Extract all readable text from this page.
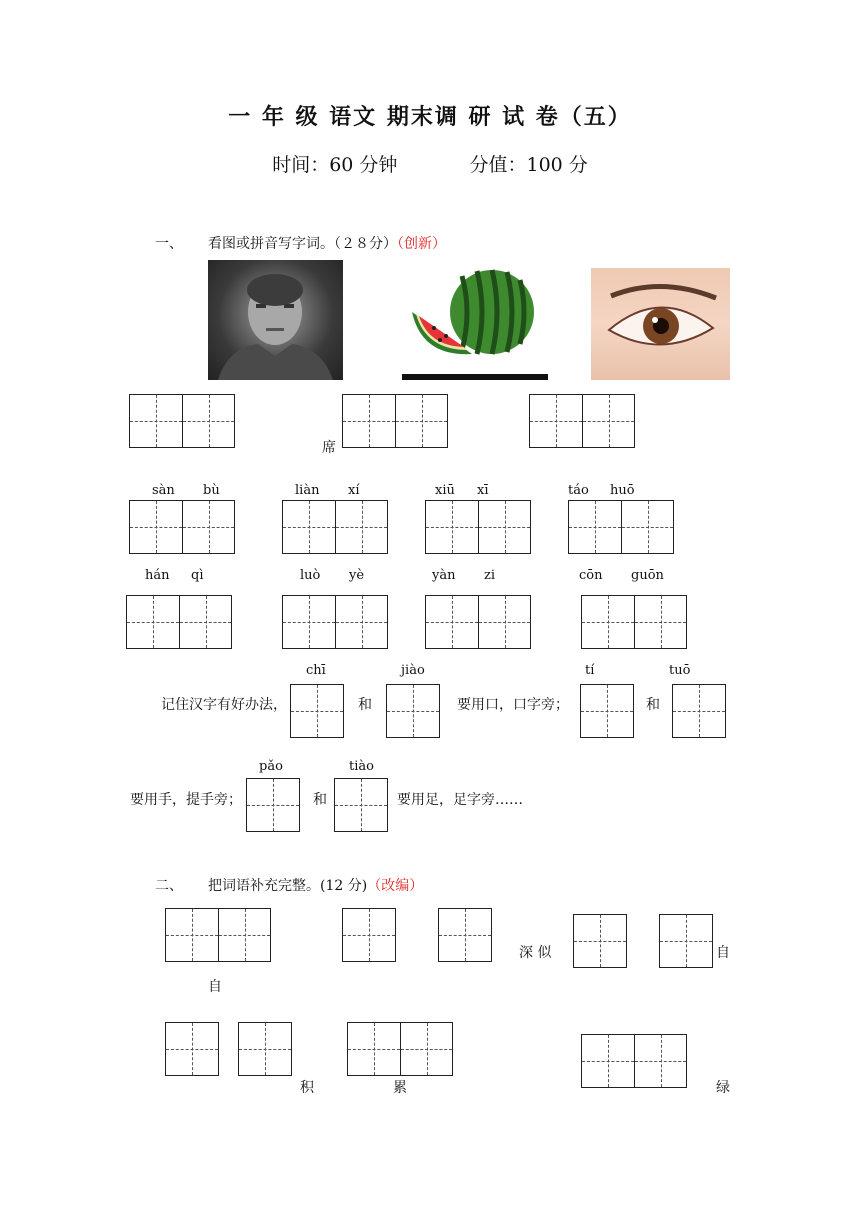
一 年 级 语文 期末调 研 试 卷（五）
时间：60 分钟	分值：100 分
一、 看图或拼音写字词。（２８分）（创新）
席
sàn bù	liàn xí	xiū xī	táo huō
hán qì	luò yè	yàn zi	cōn guōn
chī	jiào	tí	tuō
记住汉字有好办法，	和	要用口，口字旁；	和
pǎo	tiào
要用手，提手旁；	和	要用足，足字旁……
二、 把词语补充完整。(12 分)（改编）
自
深 似	自
积	累	绿
